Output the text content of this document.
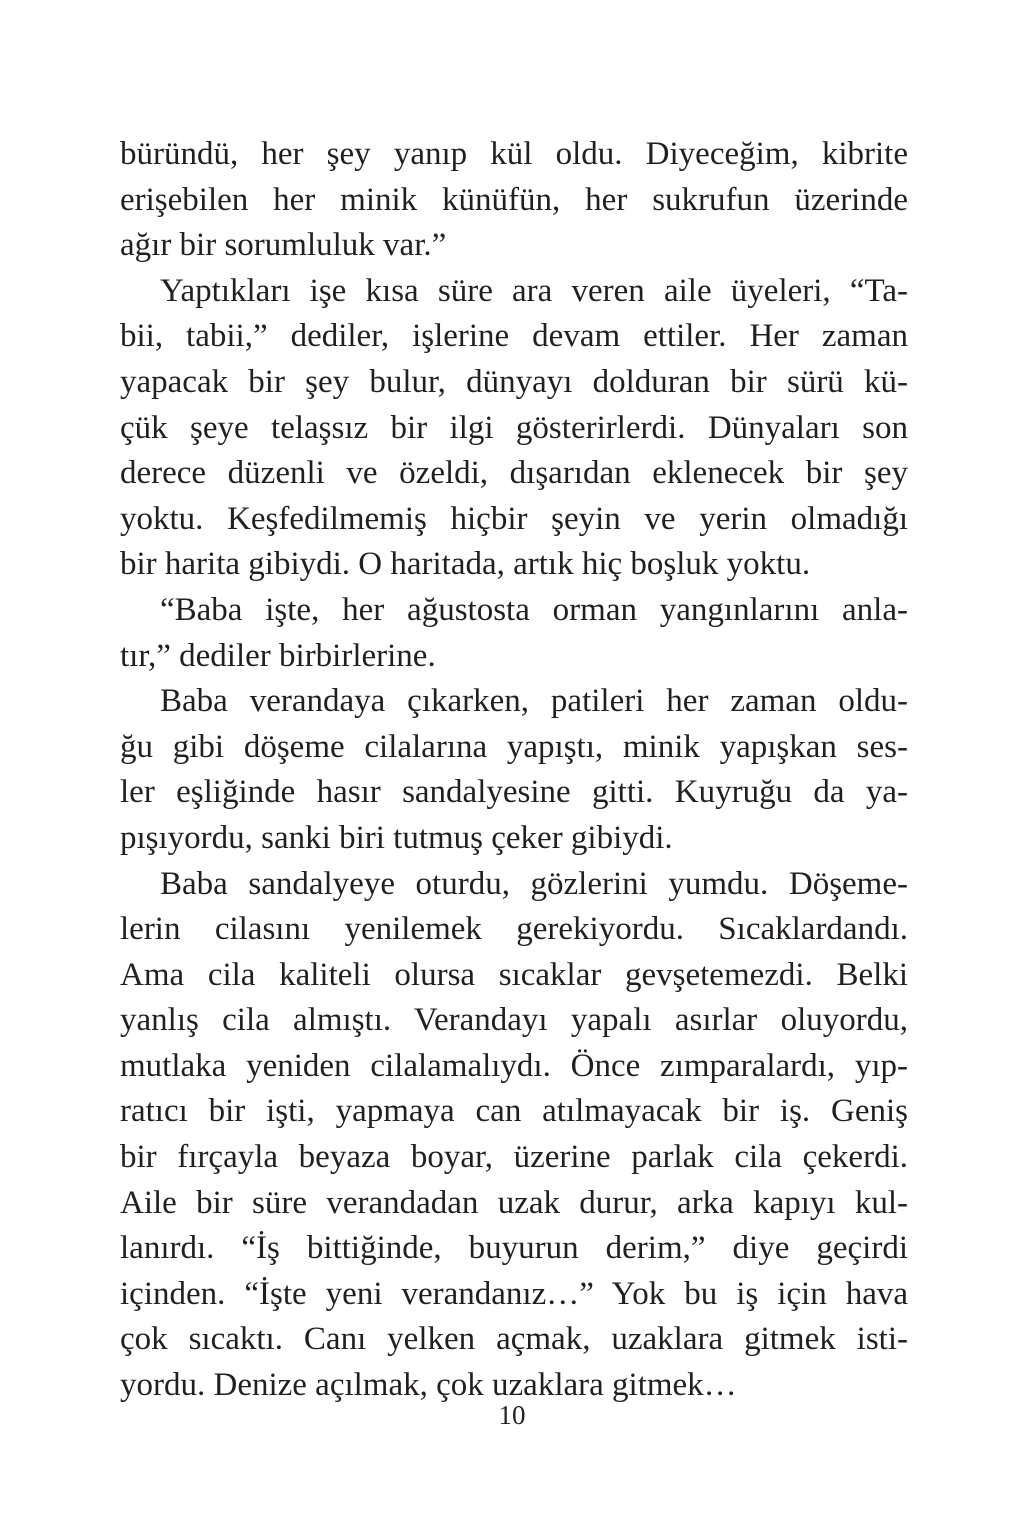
büründü, her şey yanıp kül oldu. Diyeceğim, kibrite
erişebilen her minik künüfün, her sukrufun üzerinde
ağır bir sorumluluk var.”
Yaptıkları işe kısa süre ara veren aile üyeleri, “Ta-
bii, tabii,” dediler, işlerine devam ettiler. Her zaman
yapacak bir şey bulur, dünyayı dolduran bir sürü kü-
çük şeye telaşsız bir ilgi gösterirlerdi. Dünyaları son
derece düzenli ve özeldi, dışarıdan eklenecek bir şey
yoktu. Keşfedilmemiş hiçbir şeyin ve yerin olmadığı
bir harita gibiydi. O haritada, artık hiç boşluk yoktu.
“Baba işte, her ağustosta orman yangınlarını anla-
tır,” dediler birbirlerine.
Baba verandaya çıkarken, patileri her zaman oldu-
ğu gibi döşeme cilalarına yapıştı, minik yapışkan ses-
ler eşliğinde hasır sandalyesine gitti. Kuyruğu da ya-
pışıyordu, sanki biri tutmuş çeker gibiydi.
Baba sandalyeye oturdu, gözlerini yumdu. Döşeme-
lerin cilasını yenilemek gerekiyordu. Sıcaklardandı.
Ama cila kaliteli olursa sıcaklar gevşetemezdi. Belki
yanlış cila almıştı. Verandayı yapalı asırlar oluyordu,
mutlaka yeniden cilalamalıydı. Önce zımparalardı, yıp-
ratıcı bir işti, yapmaya can atılmayacak bir iş. Geniş
bir fırçayla beyaza boyar, üzerine parlak cila çekerdi.
Aile bir süre verandadan uzak durur, arka kapıyı kul-
lanırdı. “İş bittiğinde, buyurun derim,” diye geçirdi
içinden. “İşte yeni verandanız…” Yok bu iş için hava
çok sıcaktı. Canı yelken açmak, uzaklara gitmek isti-
yordu. Denize açılmak, çok uzaklara gitmek…
10
